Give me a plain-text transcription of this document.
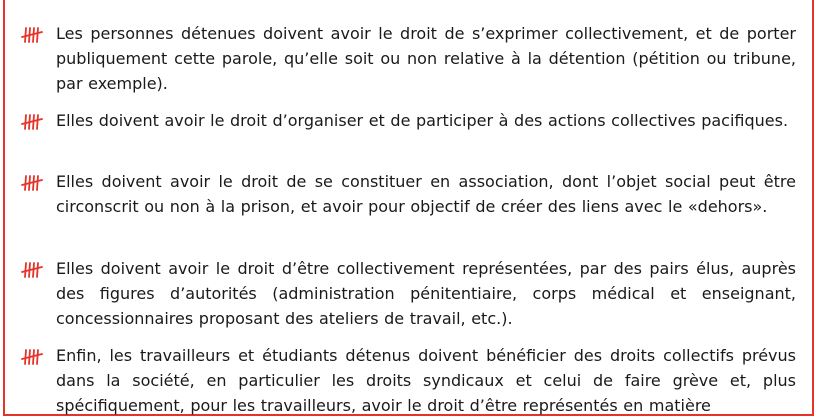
Les personnes détenues doivent avoir le droit de s’exprimer collectivement, et de porter publiquement cette parole, qu’elle soit ou non relative à la détention (pétition ou tribune, par exemple).
Elles doivent avoir le droit d’organiser et de participer à des actions collectives pacifiques.
Elles doivent avoir le droit de se constituer en association, dont l’objet social peut être circonscrit ou non à la prison, et avoir pour objectif de créer des liens avec le «dehors».
Elles doivent avoir le droit d’être collectivement représentées, par des pairs élus, auprès des figures d’autorités (administration pénitentiaire, corps médical et enseignant, concessionnaires proposant des ateliers de travail, etc.).
Enfin, les travailleurs et étudiants détenus doivent bénéficier des droits collectifs prévus dans la société, en particulier les droits syndicaux et celui de faire grève et, plus spécifiquement, pour les travailleurs, avoir le droit d’être représentés en matière
